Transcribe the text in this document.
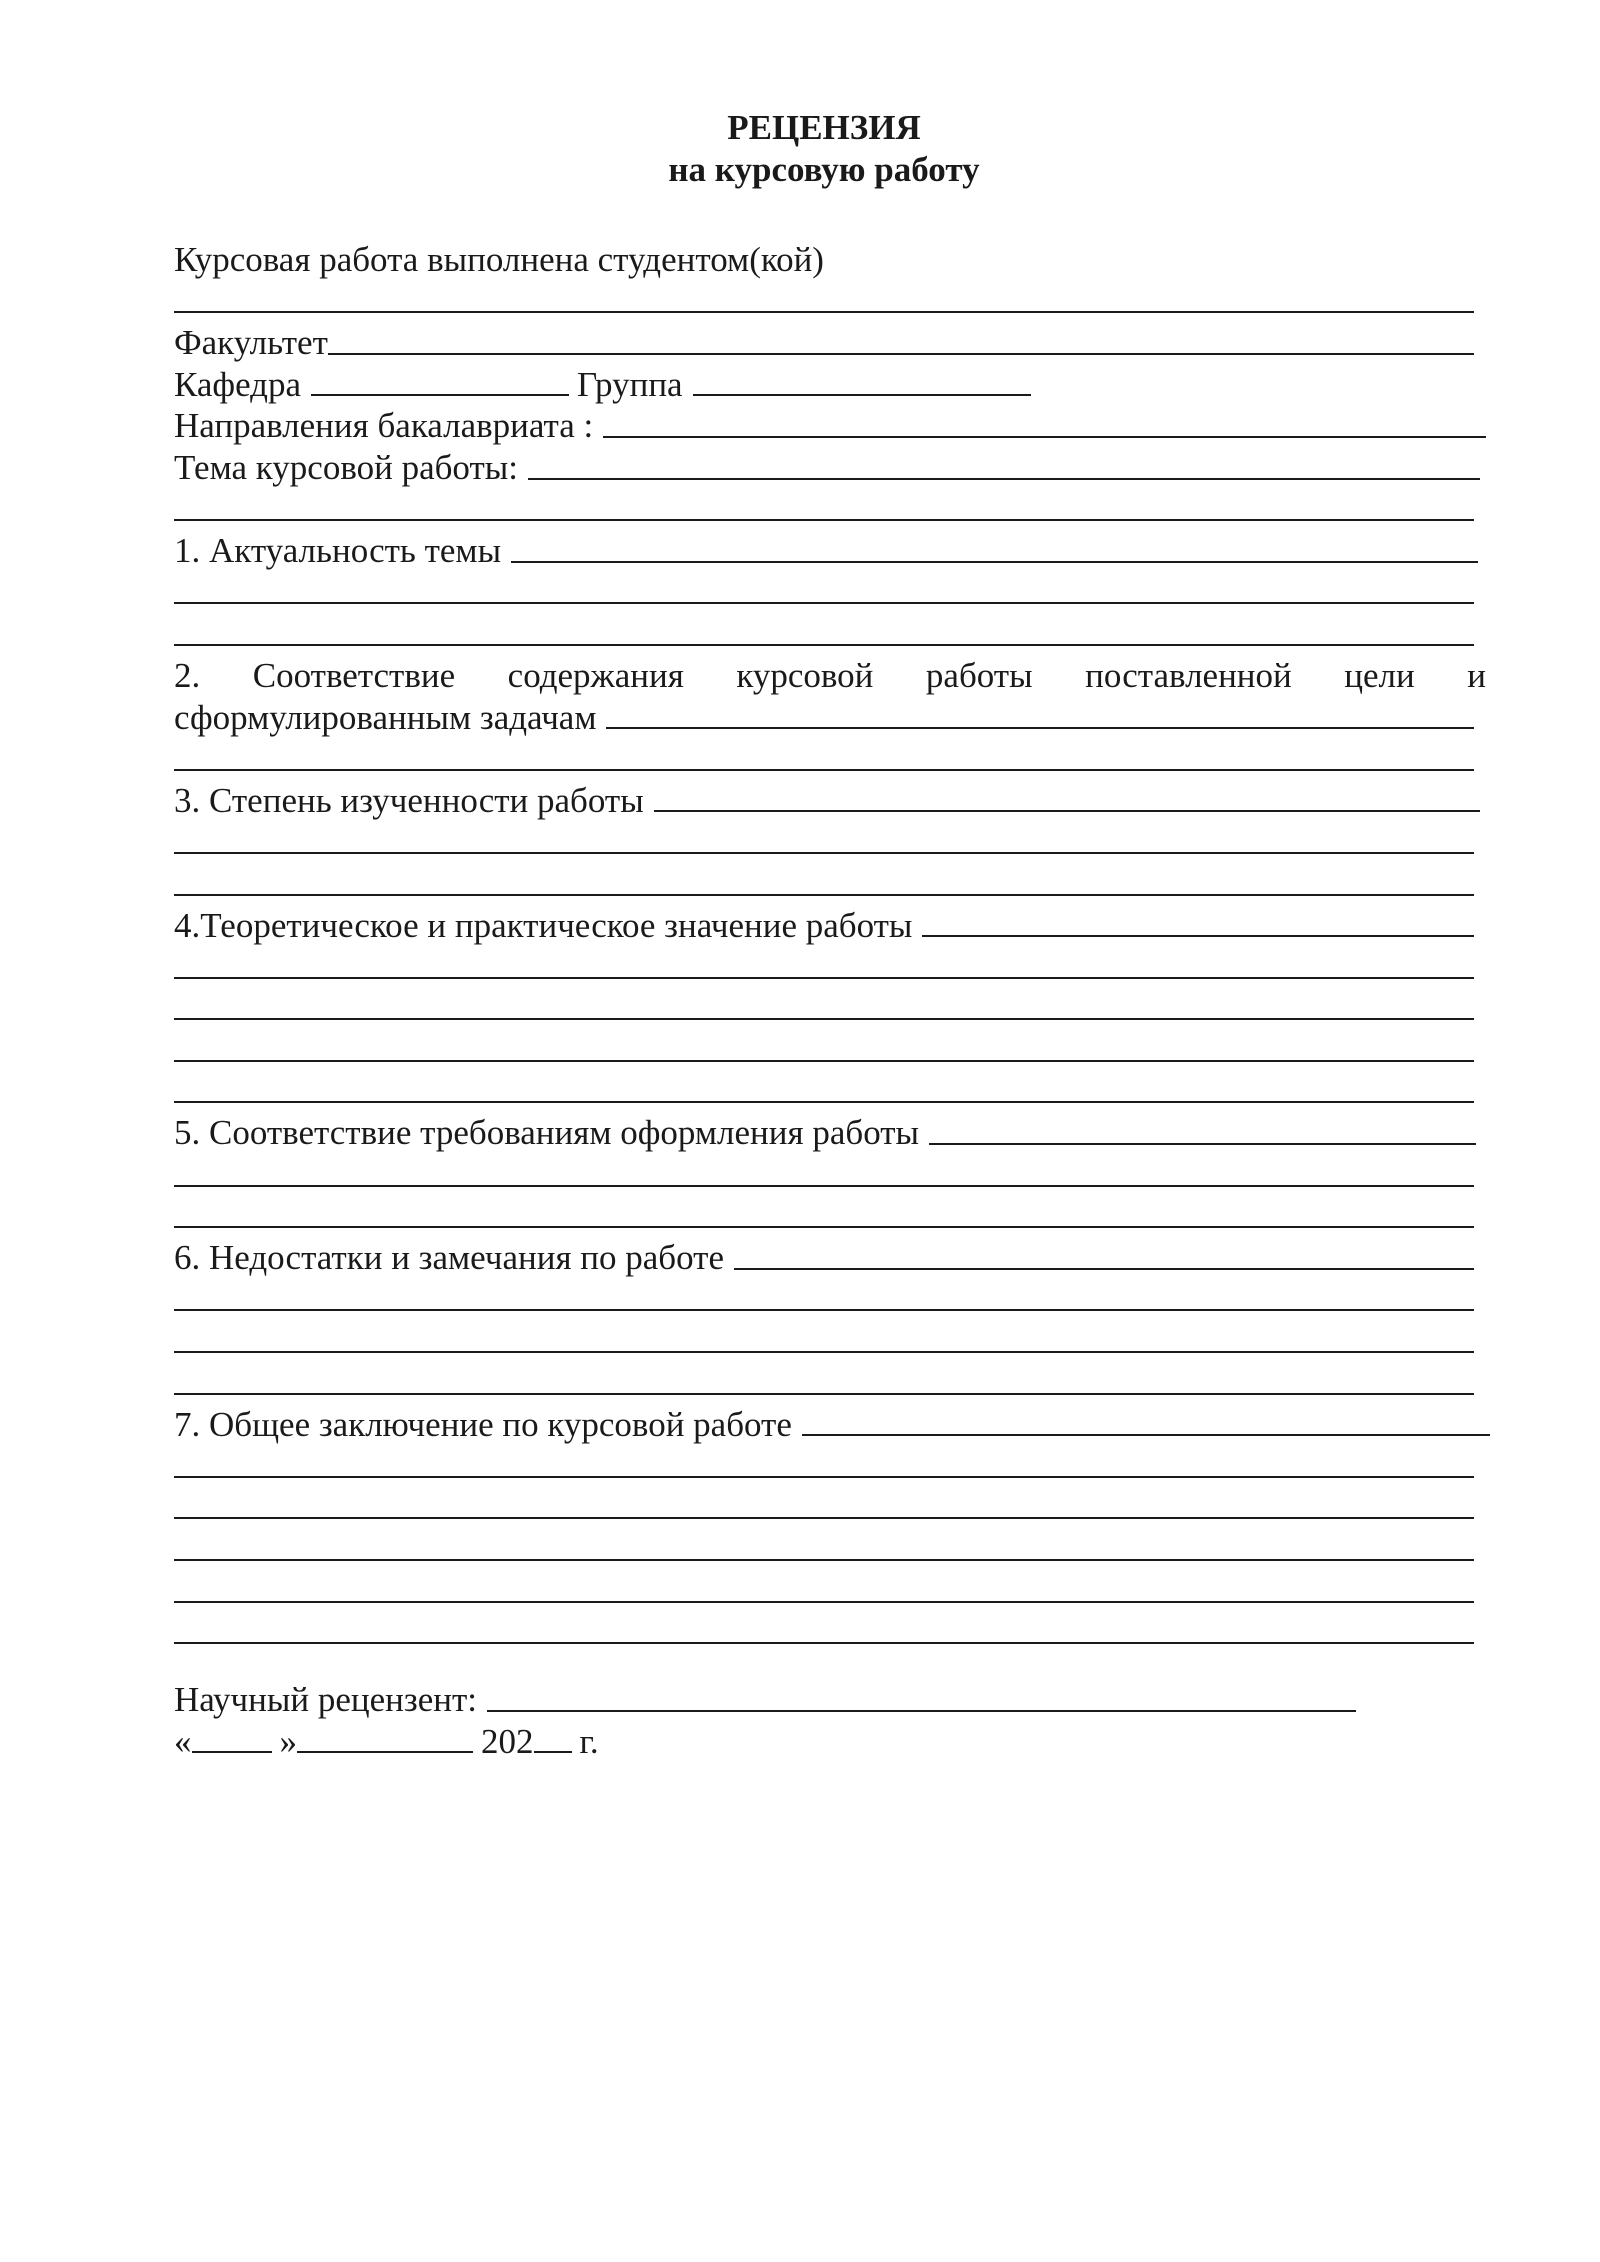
РЕЦЕНЗИЯ
на курсовую работу
Курсовая работа выполнена студентом(кой)
Факультет
Кафедра	Группа
Направления бакалавриата :
Тема курсовой работы:
1. Актуальность темы
2. Соответствие содержания курсовой работы поставленной цели и
сформулированным задачам
3. Степень изученности работы
4.Теоретическое и практическое значение работы
5. Соответствие требованиям оформления работы
6. Недостатки и замечания по работе
7. Общее заключение по курсовой работе
Научный рецензент:
«	»	202 г.
